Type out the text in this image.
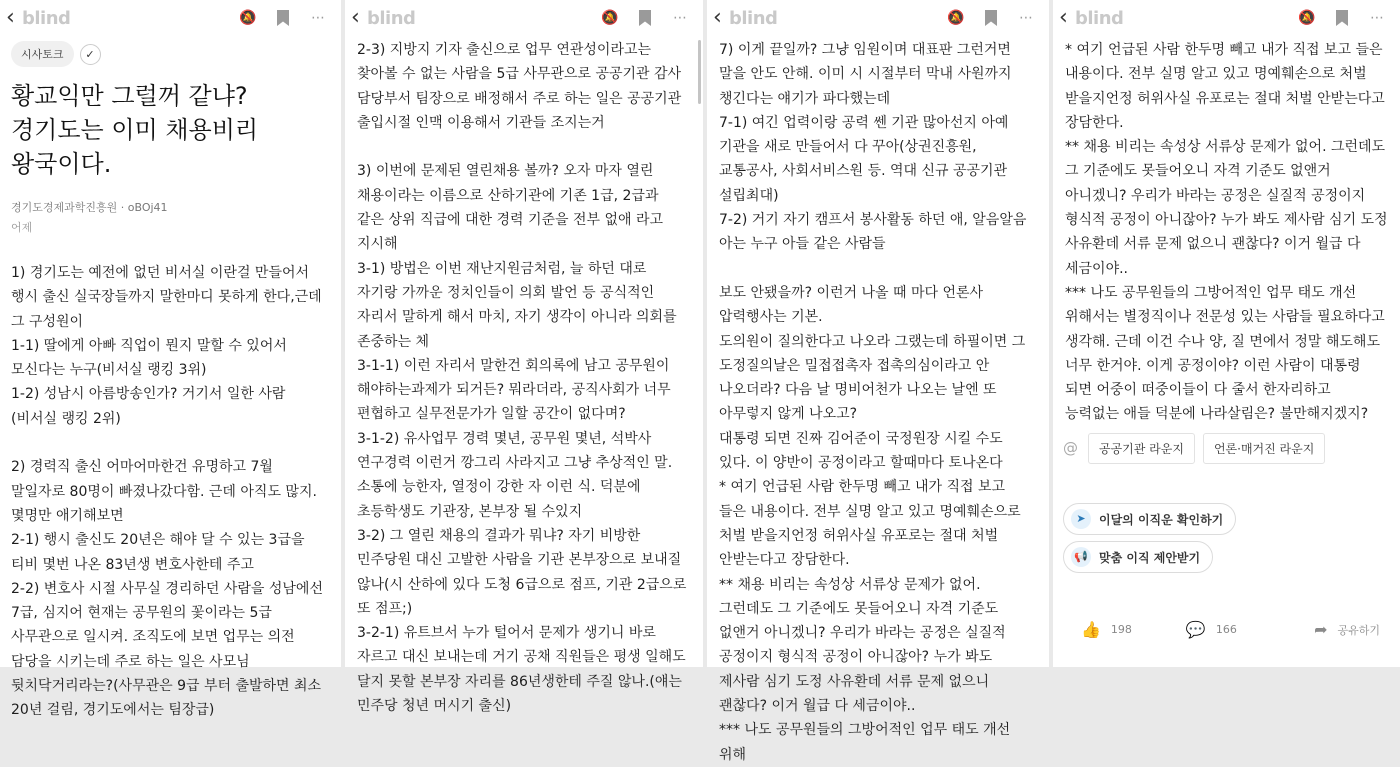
‹ blind	🔕	⋯
시사토크	✓
황교익만 그럴꺼 같냐? 경기도는 이미 채용비리 왕국이다.
경기도경제과학진흥원 · oBOj41
어제
1) 경기도는 예전에 없던 비서실 이란걸 만들어서 행시 출신 실국장들까지 말한마디 못하게 한다,근데 그 구성원이
1-1) 딸에게 아빠 직업이 뭔지 말할 수 있어서 모신다는 누구(비서실 랭킹 3위)
1-2) 성남시 아름방송인가? 거기서 일한 사람(비서실 랭킹 2위)

2) 경력직 출신 어마어마한건 유명하고 7월 말일자로 80명이 빠졌나갔다함. 근데 아직도 많지. 몇명만 애기해보면
2-1) 행시 출신도 20년은 해야 달 수 있는 3급을 티비 몇번 나온 83년생 변호사한테 주고
2-2) 변호사 시절 사무실 경리하던 사람을 성남에선 7급, 심지어 현재는 공무원의 꽃이라는 5급 사무관으로 일시켜. 조직도에 보면 업무는 의전 담당을 시키는데 주로 하는 일은 사모님 뒷치닥거리라는?(사무관은 9급 부터 출발하면 최소 20년 걸림, 경기도에서는 팀장급)
‹ blind	🔕	⋯
2-3) 지방지 기자 출신으로 업무 연관성이라고는 찾아볼 수 없는 사람을 5급 사무관으로 공공기관 감사 담당부서 팀장으로 배정해서 주로 하는 일은 공공기관 출입시절 인맥 이용해서 기관들 조지는거

3) 이번에 문제된 열린채용 볼까? 오자 마자 열린 채용이라는 이름으로 산하기관에 기존 1급, 2급과 같은 상위 직급에 대한 경력 기준을 전부 없애 라고 지시해
3-1) 방법은 이번 재난지원금처럼, 늘 하던 대로 자기랑 가까운 정치인들이 의회 발언 등 공식적인 자리서 말하게 해서 마치, 자기 생각이 아니라 의회를 존중하는 체
3-1-1) 이런 자리서 말한건 회의록에 남고 공무원이 해야하는과제가 되거든? 뭐라더라, 공직사회가 너무 편협하고 실무전문가가 일할 공간이 없다며?
3-1-2) 유사업무 경력 몇년, 공무원 몇년, 석박사 연구경력 이런거 깡그리 사라지고 그냥 추상적인 말. 소통에 능한자, 열정이 강한 자 이런 식. 덕분에 초등학생도 기관장, 본부장 될 수있지
3-2) 그 열린 채용의 결과가 뭐냐? 자기 비방한 민주당원 대신 고발한 사람을 기관 본부장으로 보내질 않나(시 산하에 있다 도청 6급으로 점프, 기관 2급으로 또 점프;)
3-2-1) 유트브서 누가 털어서 문제가 생기니 바로 자르고 대신 보내는데 거기 공채 직원들은 평생 일해도 달지 못할 본부장 자리를 86년생한테 주질 않나.(얘는 민주당 청년 머시기 출신)
‹ blind	🔕	⋯
7) 이게 끝일까? 그냥 임원이며 대표판 그런거면 말을 안도 안해. 이미 시 시절부터 막내 사원까지 챙긴다는 얘기가 파다했는데
7-1) 여긴 업력이랑 공력 쎈 기관 많아선지 아예 기관을 새로 만들어서 다 꾸아(상권진흥원, 교통공사, 사회서비스원 등. 역대 신규 공공기관 설립최대)
7-2) 거기 자기 캠프서 봉사활동 하던 애, 알음알음 아는 누구 아들 같은 사람들

보도 안됐을까? 이런거 나올 때 마다 언론사 압력행사는 기본.
도의원이 질의한다고 나오라 그랬는데 하필이면 그 도정질의날은 밀접접촉자 접촉의심이라고 안 나오더라? 다음 날 명비어천가 나오는 날엔 또 아무렇지 않게 나오고?
대통령 되면 진짜 김어준이 국정원장 시킬 수도 있다. 이 양반이 공정이라고 할때마다 토나온다
* 여기 언급된 사람 한두명 빼고 내가 직접 보고 들은 내용이다. 전부 실명 알고 있고 명예훼손으로 처벌 받을지언정 허위사실 유포로는 절대 처벌 안받는다고 장담한다.
** 채용 비리는 속성상 서류상 문제가 없어. 그런데도 그 기준에도 못들어오니 자격 기준도 없앤거 아니겠니? 우리가 바라는 공정은 실질적 공정이지 형식적 공정이 아니잖아? 누가 봐도 제사람 심기 도정 사유환데 서류 문제 없으니 괜찮다? 이거 월급 다 세금이야..
*** 나도 공무원들의 그방어적인 업무 태도 개선 위해
‹ blind	🔕	⋯
* 여기 언급된 사람 한두명 빼고 내가 직접 보고 들은 내용이다. 전부 실명 알고 있고 명예훼손으로 처벌 받을지언정 허위사실 유포로는 절대 처벌 안받는다고 장담한다.
** 채용 비리는 속성상 서류상 문제가 없어. 그런데도 그 기준에도 못들어오니 자격 기준도 없앤거 아니겠니? 우리가 바라는 공정은 실질적 공정이지 형식적 공정이 아니잖아? 누가 봐도 제사람 심기 도정 사유환데 서류 문제 없으니 괜찮다? 이거 월급 다 세금이야..
*** 나도 공무원들의 그방어적인 업무 태도 개선 위해서는 별정직이나 전문성 있는 사람들 필요하다고 생각해. 근데 이건 수나 양, 질 면에서 정말 해도해도 너무 한거야. 이게 공정이야? 이런 사람이 대통령 되면 어중이 떠중이들이 다 줄서 한자리하고 능력없는 애들 덕분에 나라살림은? 불만해지겠지?
@	공공기관 라운지	언론·매거진 라운지
➤	이달의 이직운 확인하기
📢 맞춤 이직 제안받기
👍 198	💬 166	➦ 공유하기
